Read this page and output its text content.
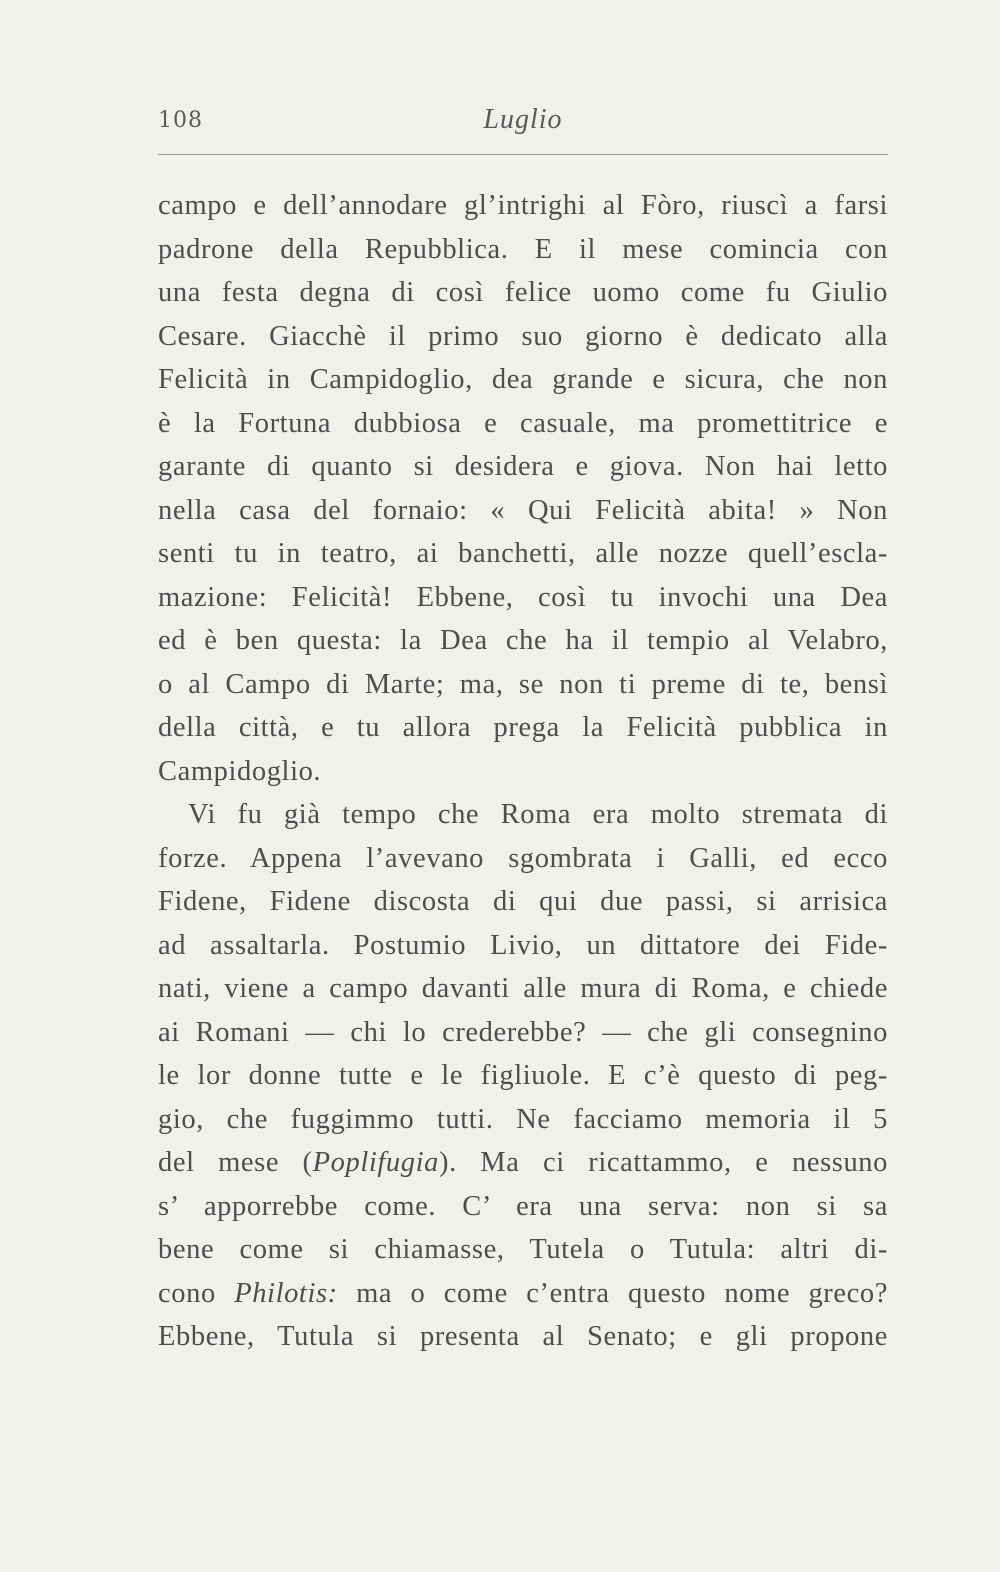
108	Luglio
campo e dell’annodare gl’intrighi al Fòro, riuscì a farsi
padrone della Repubblica. E il mese comincia con
una festa degna di così felice uomo come fu Giulio
Cesare. Giacchè il primo suo giorno è dedicato alla
Felicità in Campidoglio, dea grande e sicura, che non
è la Fortuna dubbiosa e casuale, ma promettitrice e
garante di quanto si desidera e giova. Non hai letto
nella casa del fornaio: « Qui Felicità abita! » Non
senti tu in teatro, ai banchetti, alle nozze quell’escla-
mazione: Felicità! Ebbene, così tu invochi una Dea
ed è ben questa: la Dea che ha il tempio al Velabro,
o al Campo di Marte; ma, se non ti preme di te, bensì
della città, e tu allora prega la Felicità pubblica in
Campidoglio.
Vi fu già tempo che Roma era molto stremata di
forze. Appena l’avevano sgombrata i Galli, ed ecco
Fidene, Fidene discosta di qui due passi, si arrisica
ad assaltarla. Postumio Livio, un dittatore dei Fide-
nati, viene a campo davanti alle mura di Roma, e chiede
ai Romani — chi lo crederebbe? — che gli consegnino
le lor donne tutte e le figliuole. E c’è questo di peg-
gio, che fuggimmo tutti. Ne facciamo memoria il 5
del mese (Poplifugia). Ma ci ricattammo, e nessuno
s’ apporrebbe come. C’ era una serva: non si sa
bene come si chiamasse, Tutela o Tutula: altri di-
cono Philotis: ma o come c’entra questo nome greco?
Ebbene, Tutula si presenta al Senato; e gli propone
